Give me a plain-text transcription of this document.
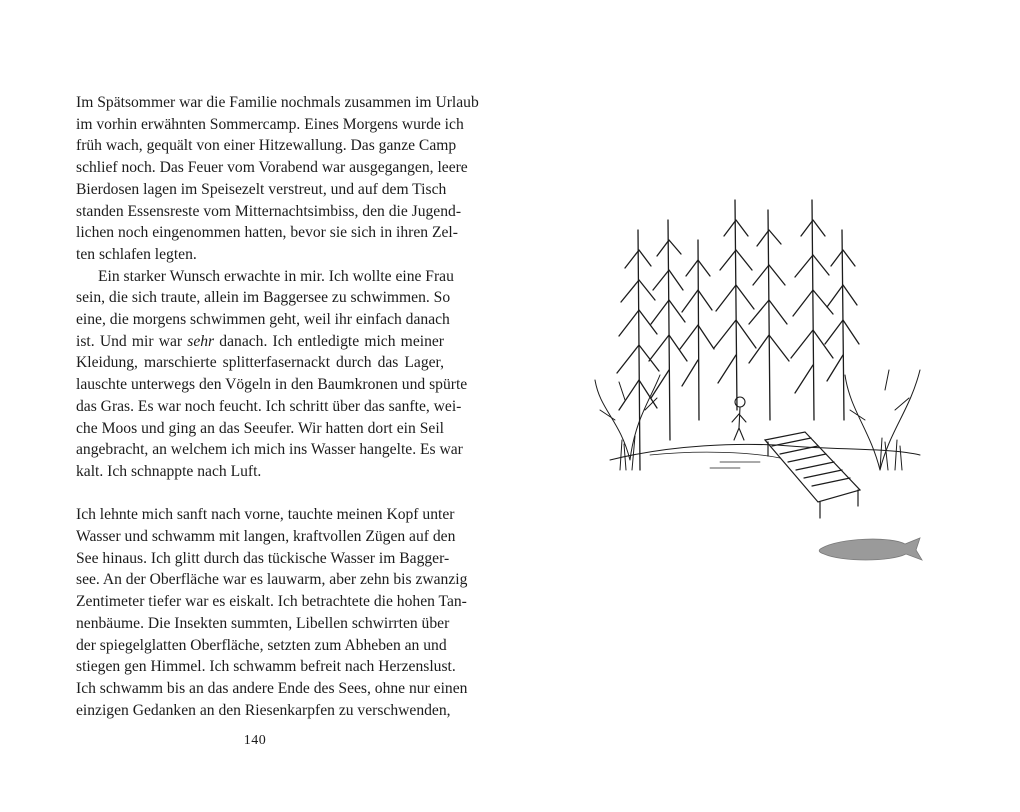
Im Spätsommer war die Familie nochmals zusammen im Urlaub
im vorhin erwähnten Sommercamp. Eines Morgens wurde ich
früh wach, gequält von einer Hitzewallung. Das ganze Camp
schlief noch. Das Feuer vom Vorabend war ausgegangen, leere
Bierdosen lagen im Speisezelt verstreut, und auf dem Tisch
standen Essensreste vom Mitternachtsimbiss, den die Jugend-
lichen noch eingenommen hatten, bevor sie sich in ihren Zel-
ten schlafen legten.

Ein starker Wunsch erwachte in mir. Ich wollte eine Frau
sein, die sich traute, allein im Baggersee zu schwimmen. So
eine, die morgens schwimmen geht, weil ihr einfach danach
ist. Und mir war sehr danach. Ich entledigte mich meiner
Kleidung, marschierte splitterfasernackt durch das Lager,
lauschte unterwegs den Vögeln in den Baumkronen und spürte
das Gras. Es war noch feucht. Ich schritt über das sanfte, wei-
che Moos und ging an das Seeufer. Wir hatten dort ein Seil
angebracht, an welchem ich mich ins Wasser hangelte. Es war
kalt. Ich schnappte nach Luft.

Ich lehnte mich sanft nach vorne, tauchte meinen Kopf unter
Wasser und schwamm mit langen, kraftvollen Zügen auf den
See hinaus. Ich glitt durch das tückische Wasser im Bagger-
see. An der Oberfläche war es lauwarm, aber zehn bis zwanzig
Zentimeter tiefer war es eiskalt. Ich betrachtete die hohen Tan-
nenbäume. Die Insekten summten, Libellen schwirrten über
der spiegelglatten Oberfläche, setzten zum Abheben an und
stiegen gen Himmel. Ich schwamm befreit nach Herzenslust.
Ich schwamm bis an das andere Ende des Sees, ohne nur einen
einzigen Gedanken an den Riesenkarpfen zu verschwenden,

140
